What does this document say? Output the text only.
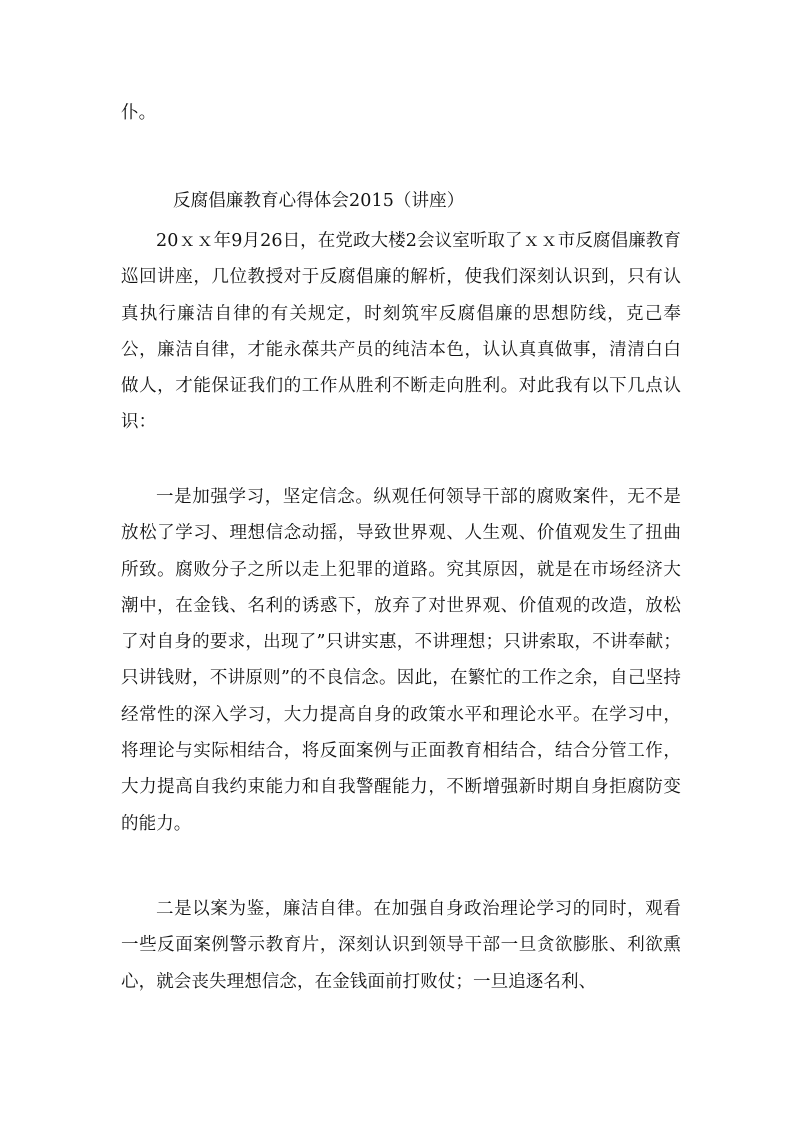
仆。

反腐倡廉教育心得体会2015（讲座）

20ｘｘ年9月26日，在党政大楼2会议室听取了ｘｘ市反腐倡廉教育巡回讲座，几位教授对于反腐倡廉的解析，使我们深刻认识到，只有认真执行廉洁自律的有关规定，时刻筑牢反腐倡廉的思想防线，克己奉公，廉洁自律，才能永葆共产员的纯洁本色，认认真真做事，清清白白做人，才能保证我们的工作从胜利不断走向胜利。对此我有以下几点认识：

一是加强学习，坚定信念。纵观任何领导干部的腐败案件，无不是放松了学习、理想信念动摇，导致世界观、人生观、价值观发生了扭曲所致。腐败分子之所以走上犯罪的道路。究其原因，就是在市场经济大潮中，在金钱、名利的诱惑下，放弃了对世界观、价值观的改造，放松了对自身的要求，出现了”只讲实惠，不讲理想；只讲索取，不讲奉献；只讲钱财，不讲原则”的不良信念。因此，在繁忙的工作之余，自己坚持经常性的深入学习，大力提高自身的政策水平和理论水平。在学习中，将理论与实际相结合，将反面案例与正面教育相结合，结合分管工作，大力提高自我约束能力和自我警醒能力，不断增强新时期自身拒腐防变的能力。

二是以案为鉴，廉洁自律。在加强自身政治理论学习的同时，观看一些反面案例警示教育片，深刻认识到领导干部一旦贪欲膨胀、利欲熏心，就会丧失理想信念，在金钱面前打败仗；一旦追逐名利、
